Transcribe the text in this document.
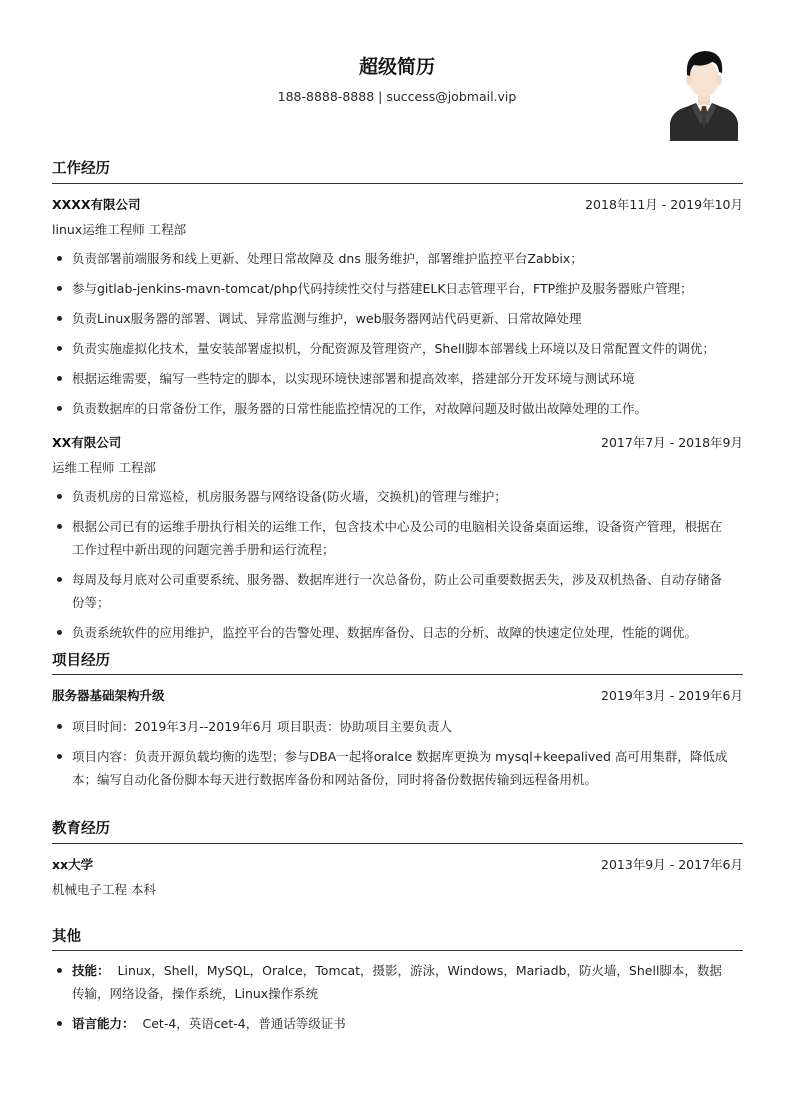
超级简历
188-8888-8888 | success@jobmail.vip
工作经历
XXXX有限公司	2018年11月 - 2019年10月
linux运维工程师 工程部
负责部署前端服务和线上更新、处理日常故障及 dns 服务维护，部署维护监控平台Zabbix；
参与gitlab-jenkins-mavn-tomcat/php代码持续性交付与搭建ELK日志管理平台，FTP维护及服务器账户管理；
负责Linux服务器的部署、调试、异常监测与维护，web服务器网站代码更新、日常故障处理
负责实施虚拟化技术，量安装部署虚拟机，分配资源及管理资产，Shell脚本部署线上环境以及日常配置文件的调优；
根据运维需要，编写一些特定的脚本，以实现环境快速部署和提高效率，搭建部分开发环境与测试环境
负责数据库的日常备份工作，服务器的日常性能监控情况的工作，对故障问题及时做出故障处理的工作。
XX有限公司	2017年7月 - 2018年9月
运维工程师 工程部
负责机房的日常巡检，机房服务器与网络设备(防火墙，交换机)的管理与维护；
根据公司已有的运维手册执行相关的运维工作，包含技术中心及公司的电脑相关设备桌面运维，设备资产管理，根据在工作过程中新出现的问题完善手册和运行流程；
每周及每月底对公司重要系统、服务器、数据库进行一次总备份，防止公司重要数据丢失，涉及双机热备、自动存储备份等；
负责系统软件的应用维护，监控平台的告警处理、数据库备份、日志的分析、故障的快速定位处理，性能的调优。
项目经历
服务器基础架构升级	2019年3月 - 2019年6月
项目时间：2019年3月--2019年6月 项目职责：协助项目主要负责人
项目内容：负责开源负载均衡的选型；参与DBA一起将oralce 数据库更换为 mysql+keepalived 高可用集群，降低成本；编写自动化备份脚本每天进行数据库备份和网站备份，同时将备份数据传输到远程备用机。
教育经历
xx大学	2013年9月 - 2017年6月
机械电子工程 本科
其他
技能： Linux，Shell，MySQL，Oralce，Tomcat，摄影，游泳，Windows，Mariadb，防火墙，Shell脚本，数据传输，网络设备，操作系统，Linux操作系统
语言能力： Cet-4，英语cet-4，普通话等级证书
